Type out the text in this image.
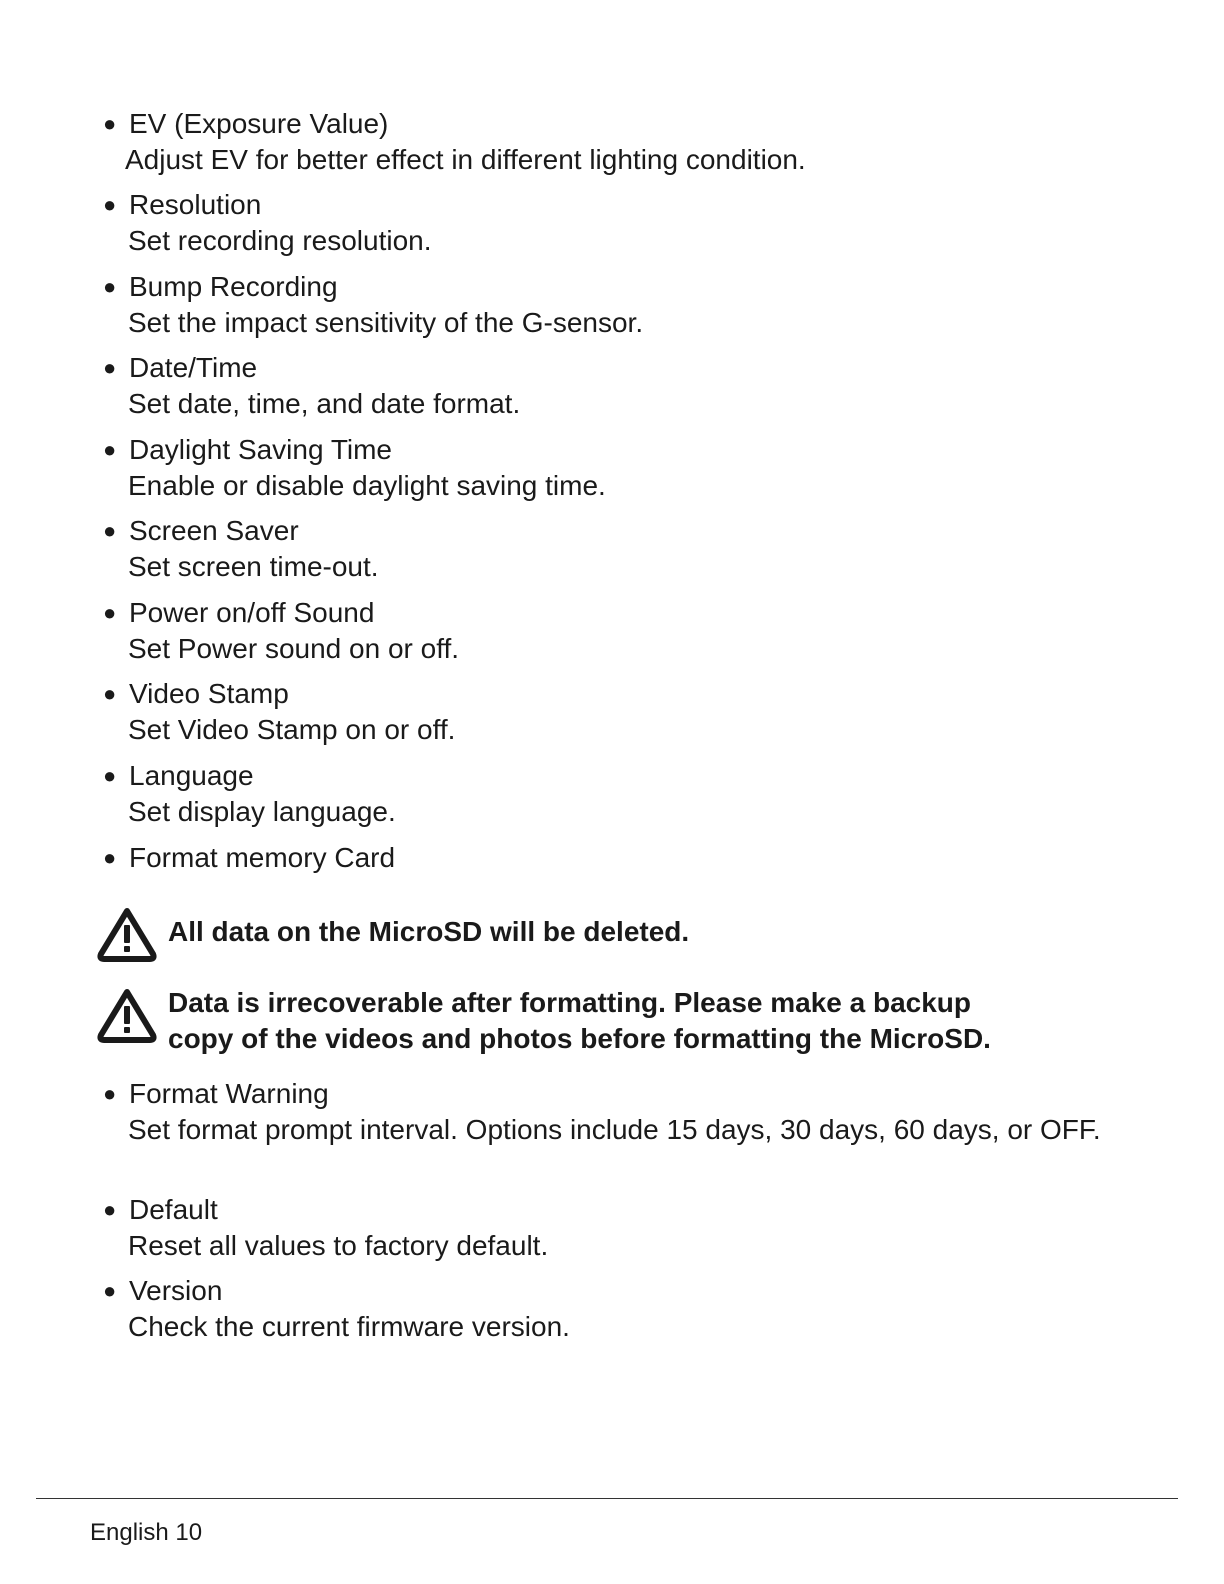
● EV (Exposure Value)
Adjust EV for better effect in different lighting condition.
● Resolution
Set recording resolution.
● Bump Recording
Set the impact sensitivity of the G-sensor.
● Date/Time
Set date, time, and date format.
● Daylight Saving Time
Enable or disable daylight saving time.
● Screen Saver
Set screen time-out.
● Power on/off Sound
Set Power sound on or off.
● Video Stamp
Set Video Stamp on or off.
● Language
Set display language.
● Format memory Card
All data on the MicroSD will be deleted.
Data is irrecoverable after formatting. Please make a backup
copy of the videos and photos before formatting the MicroSD.
● Format Warning
Set format prompt interval. Options include 15 days, 30 days, 60 days, or OFF.
● Default
Reset all values to factory default.
● Version
Check the current firmware version.
English 10
